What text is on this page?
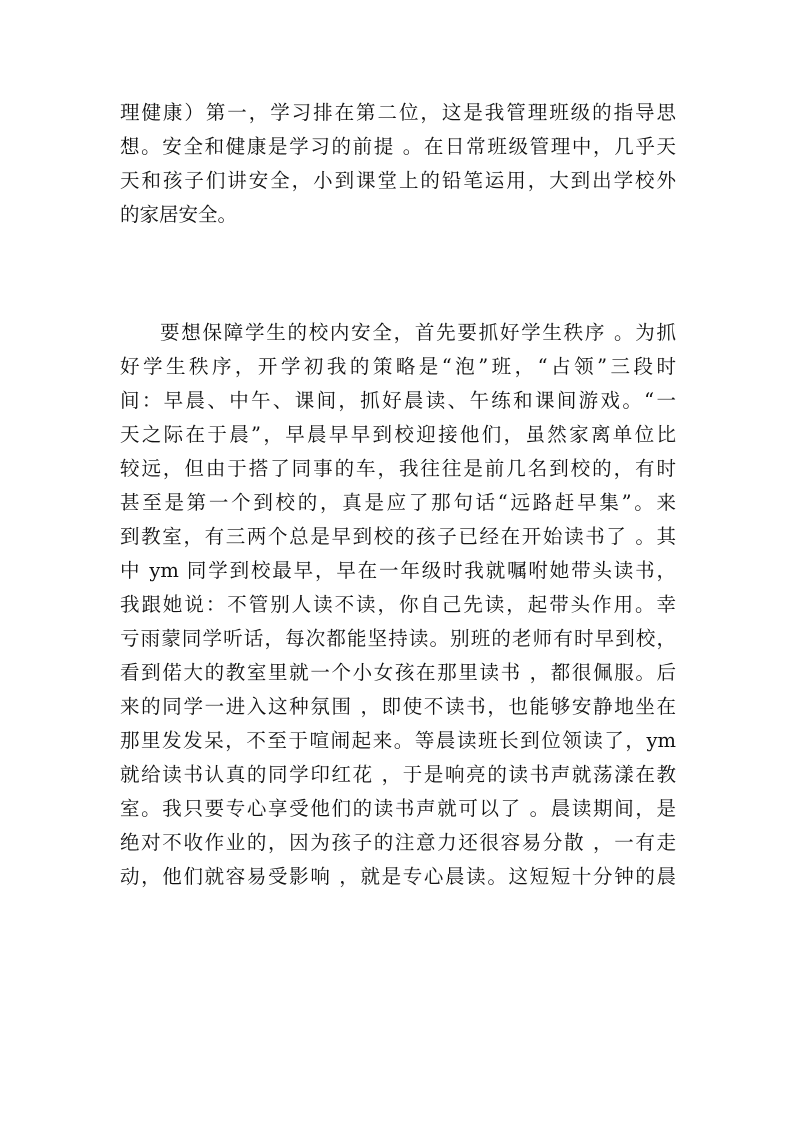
理健康）第一，学习排在第二位，这是我管理班级的指导思
想。安全和健康是学习的前提 。在日常班级管理中，几乎天
天和孩子们讲安全，小到课堂上的铅笔运用，大到出学校外
的家居安全。
要想保障学生的校内安全，首先要抓好学生秩序 。为抓
好学生秩序，开学初我的策略是“泡”班，“占领”三段时
间：早晨、中午、课间，抓好晨读、午练和课间游戏。“一
天之际在于晨”，早晨早早到校迎接他们，虽然家离单位比
较远，但由于搭了同事的车，我往往是前几名到校的，有时
甚至是第一个到校的，真是应了那句话“远路赶早集”。来
到教室，有三两个总是早到校的孩子已经在开始读书了 。其
中 ym 同学到校最早，早在一年级时我就嘱咐她带头读书，
我跟她说：不管别人读不读，你自己先读，起带头作用。幸
亏雨蒙同学听话，每次都能坚持读。别班的老师有时早到校，
看到偌大的教室里就一个小女孩在那里读书 ，都很佩服。后
来的同学一进入这种氛围 ，即使不读书，也能够安静地坐在
那里发发呆，不至于喧闹起来。等晨读班长到位领读了，ym
就给读书认真的同学印红花 ，于是响亮的读书声就荡漾在教
室。我只要专心享受他们的读书声就可以了 。晨读期间，是
绝对不收作业的，因为孩子的注意力还很容易分散 ，一有走
动，他们就容易受影响 ，就是专心晨读。这短短十分钟的晨
